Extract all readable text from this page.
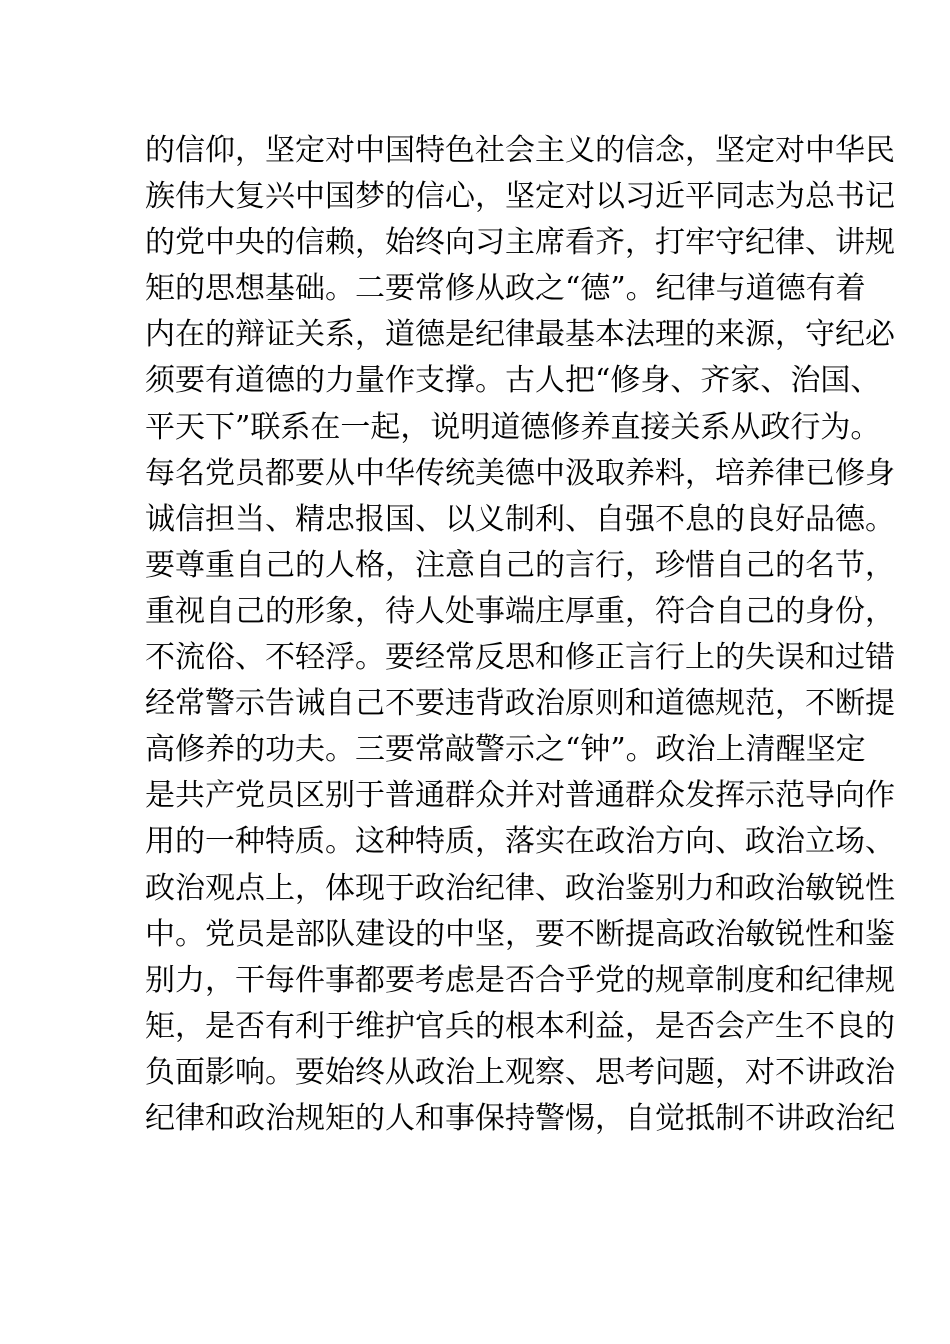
的信仰，坚定对中国特色社会主义的信念，坚定对中华民
族伟大复兴中国梦的信心，坚定对以习近平同志为总书记
的党中央的信赖，始终向习主席看齐，打牢守纪律、讲规
矩的思想基础。二要常修从政之“德”。纪律与道德有着
内在的辩证关系，道德是纪律最基本法理的来源，守纪必
须要有道德的力量作支撑。古人把“修身、齐家、治国、
平天下”联系在一起，说明道德修养直接关系从政行为。
每名党员都要从中华传统美德中汲取养料，培养律已修身
诚信担当、精忠报国、以义制利、自强不息的良好品德。
要尊重自己的人格，注意自己的言行，珍惜自己的名节，
重视自己的形象，待人处事端庄厚重，符合自己的身份，
不流俗、不轻浮。要经常反思和修正言行上的失误和过错
经常警示告诫自己不要违背政治原则和道德规范，不断提
高修养的功夫。三要常敲警示之“钟”。政治上清醒坚定
是共产党员区别于普通群众并对普通群众发挥示范导向作
用的一种特质。这种特质，落实在政治方向、政治立场、
政治观点上，体现于政治纪律、政治鉴别力和政治敏锐性
中。党员是部队建设的中坚，要不断提高政治敏锐性和鉴
别力，干每件事都要考虑是否合乎党的规章制度和纪律规
矩，是否有利于维护官兵的根本利益，是否会产生不良的
负面影响。要始终从政治上观察、思考问题，对不讲政治
纪律和政治规矩的人和事保持警惕，自觉抵制不讲政治纪
